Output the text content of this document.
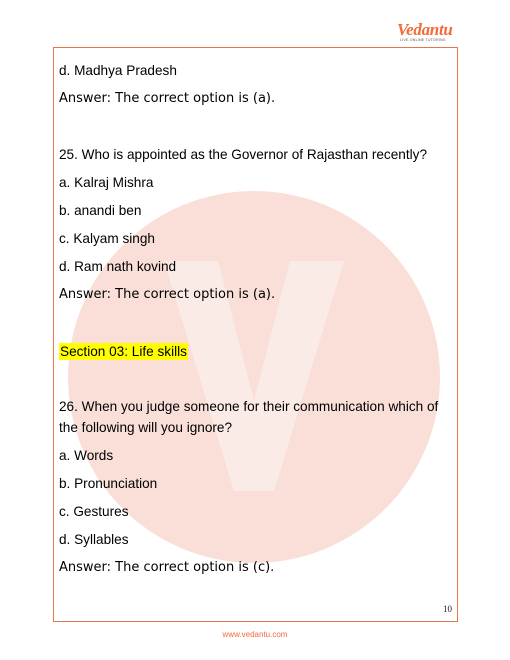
Vedantu
LIVE ONLINE TUTORING
d. Madhya Pradesh
Answer: The correct option is (a).
25. Who is appointed as the Governor of Rajasthan recently?
a. Kalraj Mishra
b. anandi ben
c. Kalyam singh
d. Ram nath kovind
Answer: The correct option is (a).
Section 03: Life skills
26. When you judge someone for their communication which of the following will you ignore?
a. Words
b. Pronunciation
c. Gestures
d. Syllables
Answer: The correct option is (c).
10
www.vedantu.com
